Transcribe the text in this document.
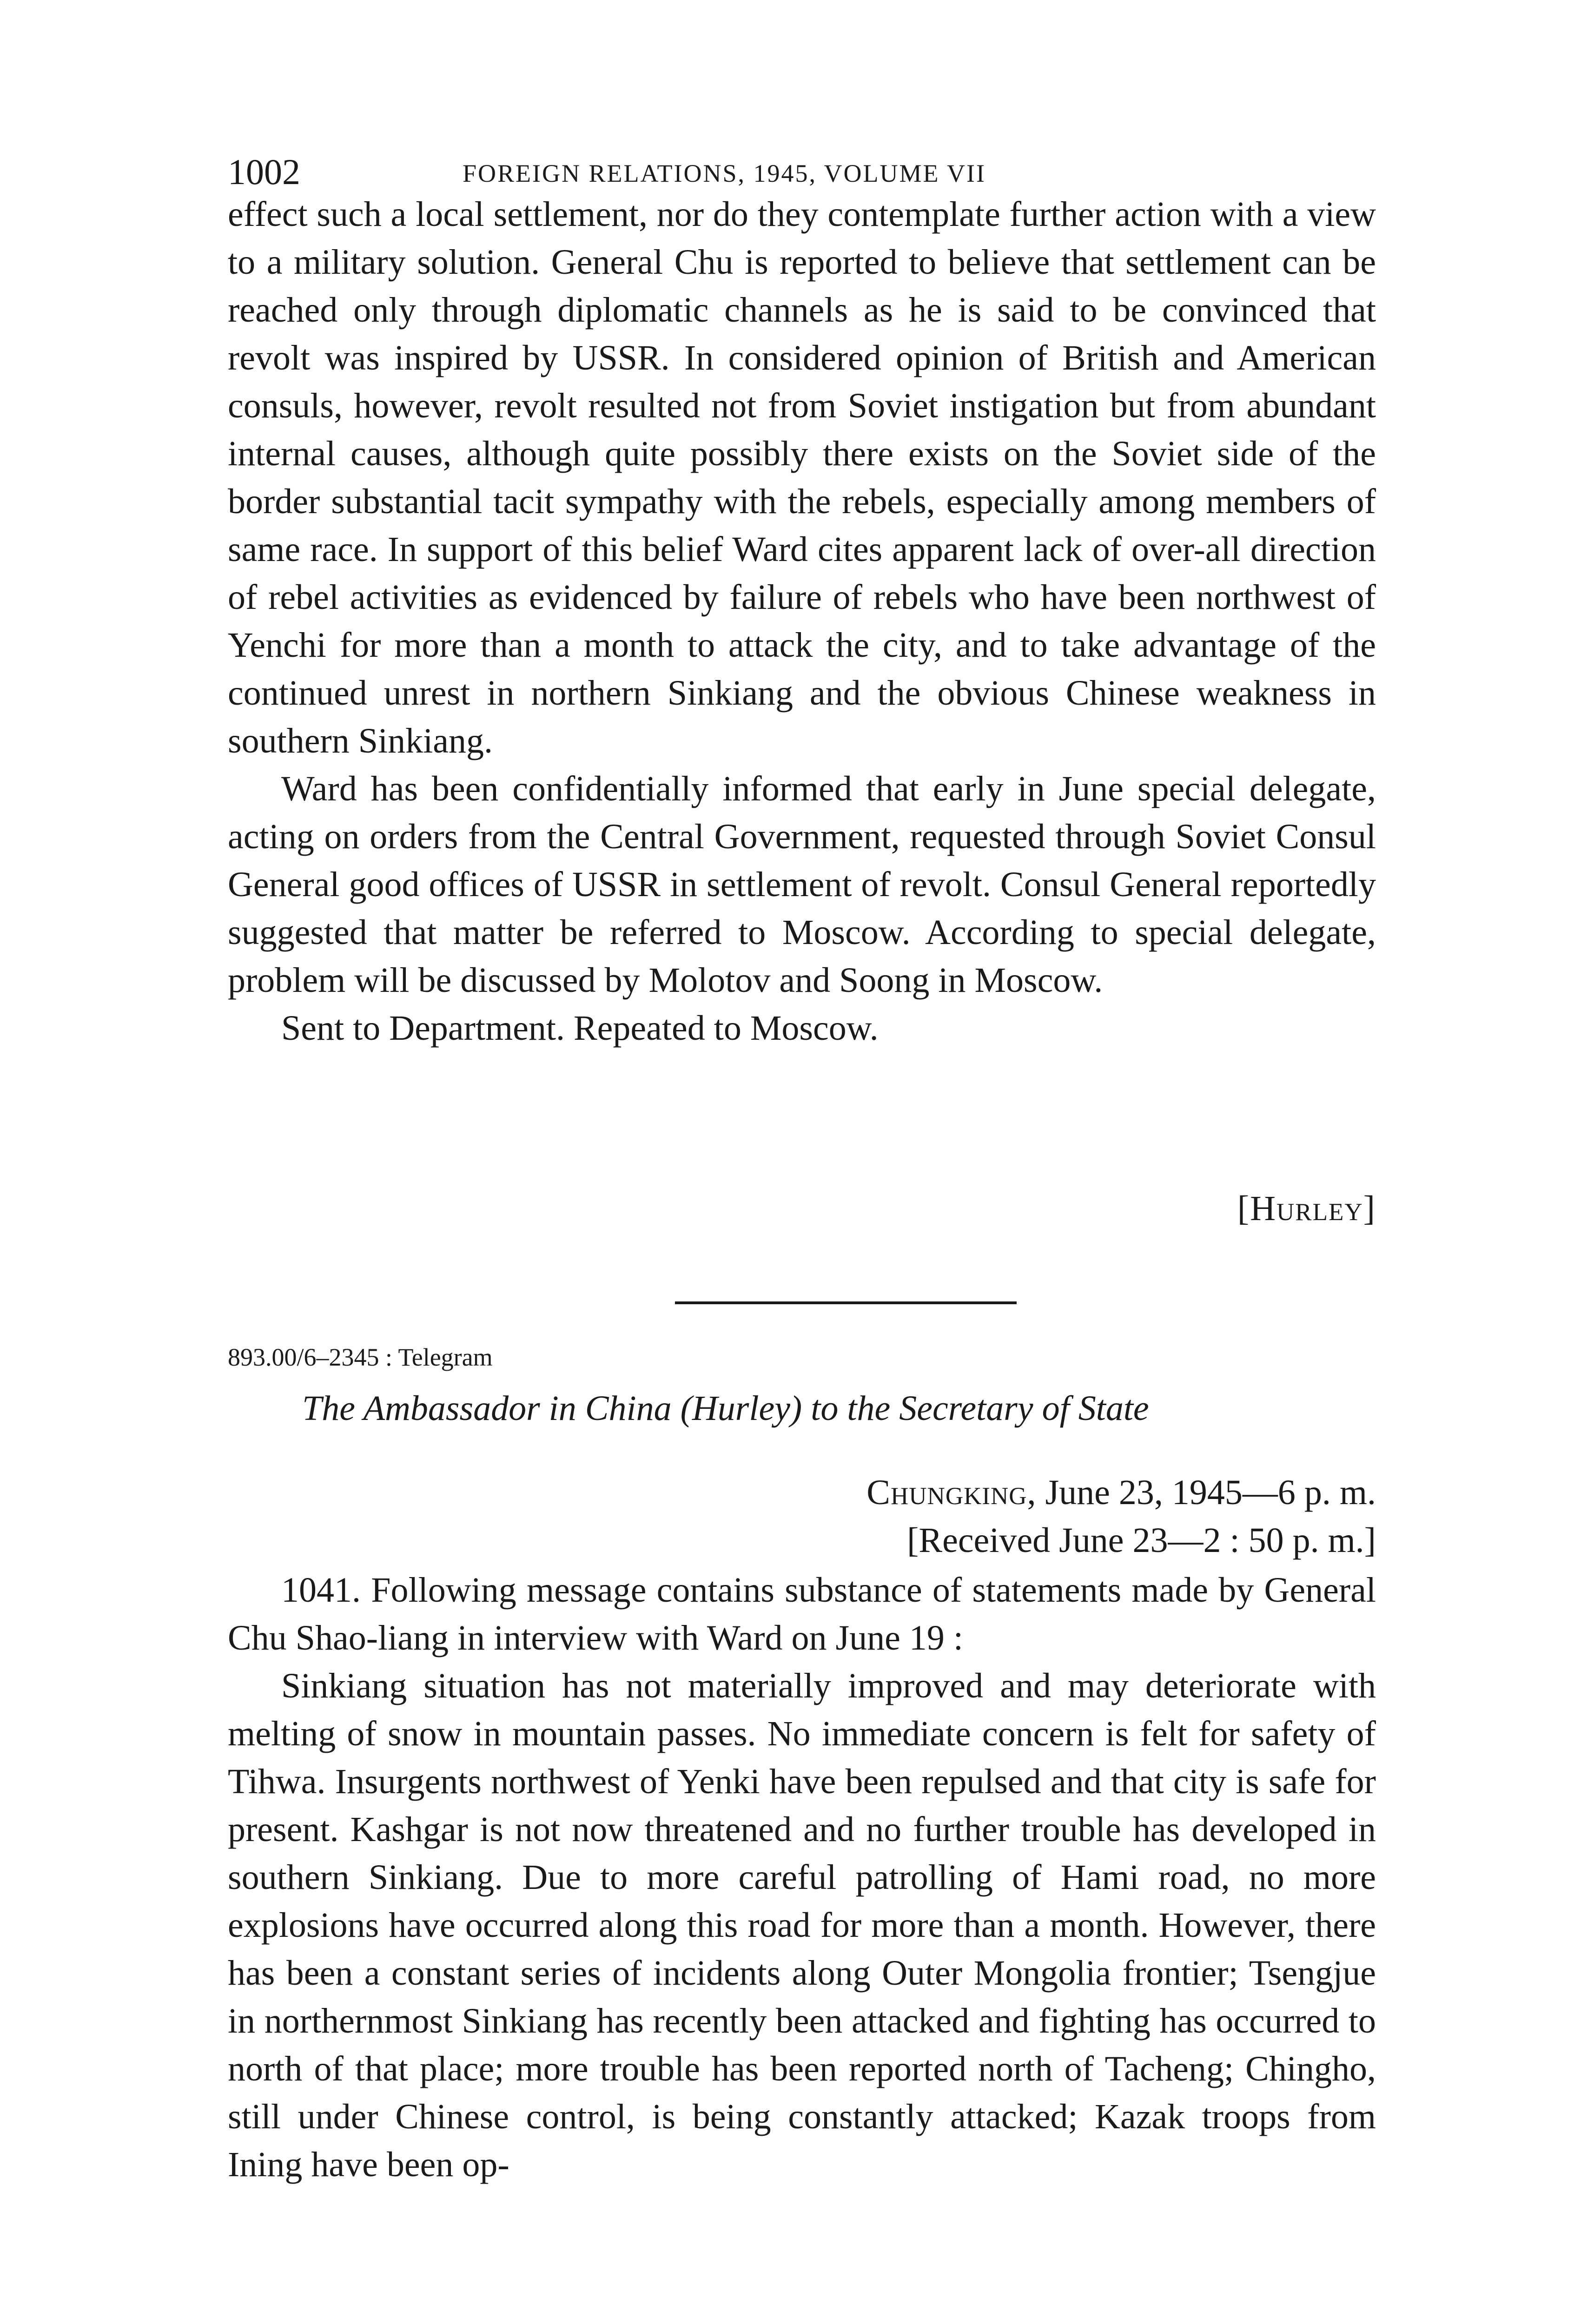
1002	FOREIGN RELATIONS, 1945, VOLUME VII

effect such a local settlement, nor do they contemplate further action with a view to a military solution. General Chu is reported to believe that settlement can be reached only through diplomatic channels as he is said to be convinced that revolt was inspired by USSR. In considered opinion of British and American consuls, however, revolt resulted not from Soviet instigation but from abundant internal causes, although quite possibly there exists on the Soviet side of the border substantial tacit sympathy with the rebels, especially among members of same race. In support of this belief Ward cites apparent lack of over-all direction of rebel activities as evidenced by failure of rebels who have been northwest of Yenchi for more than a month to attack the city, and to take advantage of the continued unrest in northern Sinkiang and the obvious Chinese weakness in southern Sinkiang.

Ward has been confidentially informed that early in June special delegate, acting on orders from the Central Government, requested through Soviet Consul General good offices of USSR in settlement of revolt. Consul General reportedly suggested that matter be referred to Moscow. According to special delegate, problem will be discussed by Molotov and Soong in Moscow.

Sent to Department. Repeated to Moscow.

[Hurley]
893.00/6–2345 : Telegram
The Ambassador in China (Hurley) to the Secretary of State
Chungking, June 23, 1945—6 p. m.
[Received June 23—2 : 50 p. m.]

1041. Following message contains substance of statements made by General Chu Shao-liang in interview with Ward on June 19 :

Sinkiang situation has not materially improved and may deteriorate with melting of snow in mountain passes. No immediate concern is felt for safety of Tihwa. Insurgents northwest of Yenki have been repulsed and that city is safe for present. Kashgar is not now threatened and no further trouble has developed in southern Sinkiang. Due to more careful patrolling of Hami road, no more explosions have occurred along this road for more than a month. However, there has been a constant series of incidents along Outer Mongolia frontier; Tsengjue in northernmost Sinkiang has recently been attacked and fighting has occurred to north of that place; more trouble has been reported north of Tacheng; Chingho, still under Chinese control, is being constantly attacked; Kazak troops from Ining have been op-
